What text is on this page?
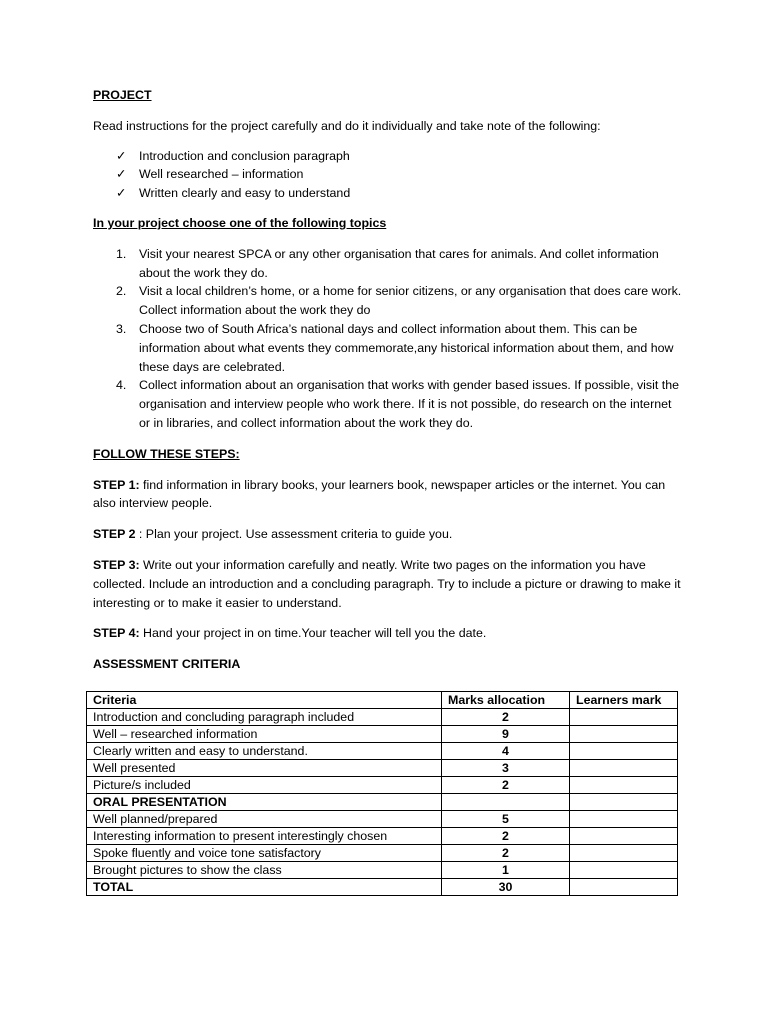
PROJECT

Read instructions for the project carefully and do it individually and take note of the following:

✓ Introduction and conclusion paragraph
✓ Well researched – information
✓ Written clearly and easy to understand

In your project choose one of the following topics

1. Visit your nearest SPCA or any other organisation that cares for animals. And collet information about the work they do.
2. Visit a local children’s home, or a home for senior citizens, or any organisation that does care work. Collect information about the work they do
3. Choose two of South Africa’s national days and collect information about them. This can be information about what events they commemorate,any historical information about them, and how these days are celebrated.
4. Collect information about an organisation that works with gender based issues. If possible, visit the organisation and interview people who work there. If it is not possible, do research on the internet or in libraries, and collect information about the work they do.

FOLLOW THESE STEPS:

STEP 1: find information in library books, your learners book, newspaper articles or the internet. You can also interview people.

STEP 2 : Plan your project. Use assessment criteria to guide you.

STEP 3: Write out your information carefully and neatly. Write two pages on the information you have collected. Include an introduction and a concluding paragraph. Try to include a picture or drawing to make it interesting or to make it easier to understand.

STEP 4: Hand your project in on time.Your teacher will tell you the date.

ASSESSMENT CRITERIA

Criteria	Marks allocation	Learners mark
Introduction and concluding paragraph included	2	
Well – researched information	9	
Clearly written and easy to understand.	4	
Well presented	3	
Picture/s included	2	
ORAL PRESENTATION		
Well planned/prepared	5	
Interesting information to present interestingly chosen	2	
Spoke fluently and voice tone satisfactory	2	
Brought pictures to show the class	1	
TOTAL	30	
